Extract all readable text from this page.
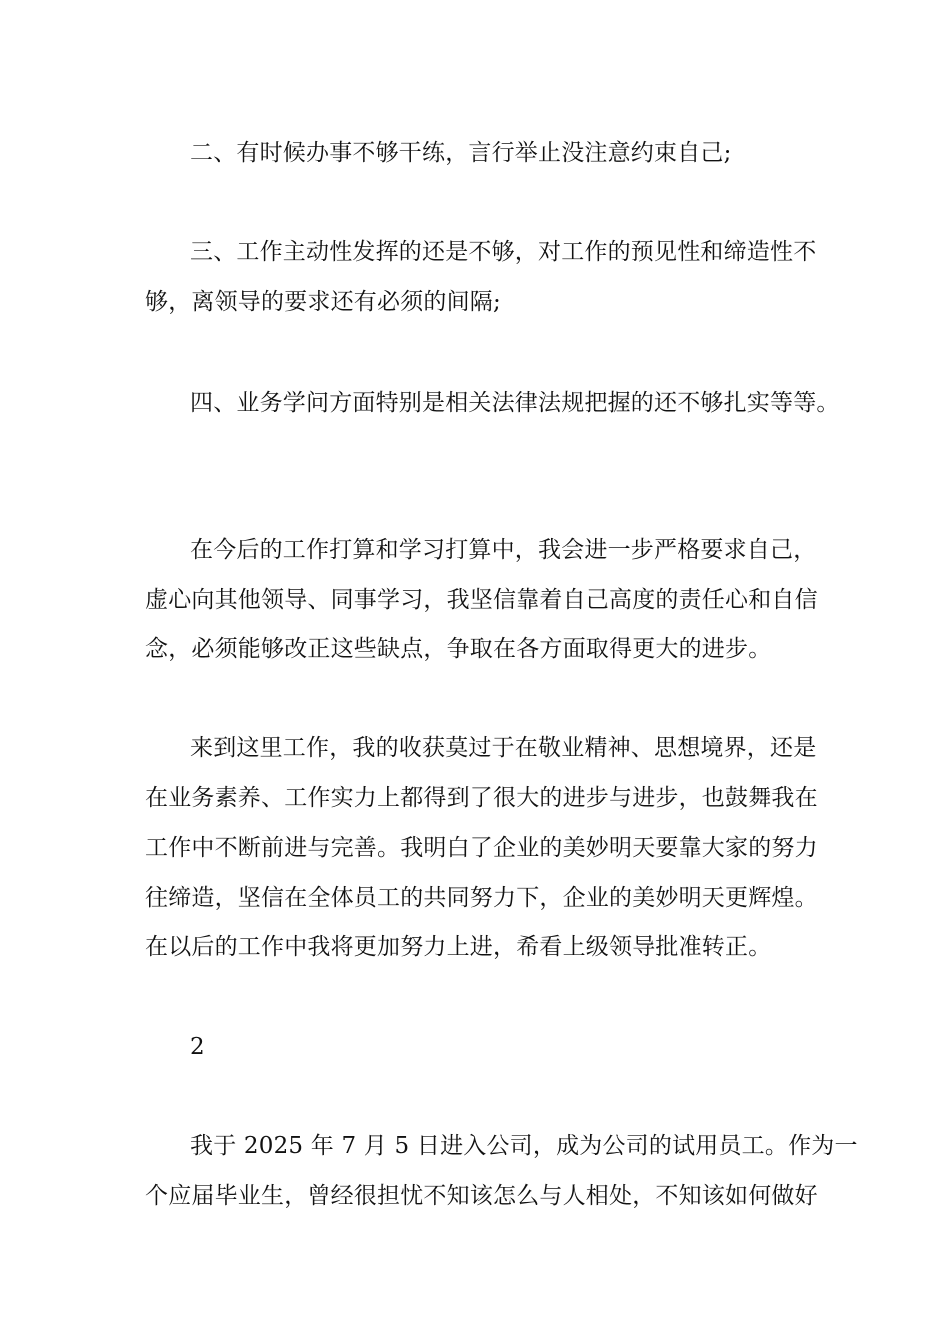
二、有时候办事不够干练，言行举止没注意约束自己;
三、工作主动性发挥的还是不够，对工作的预见性和缔造性不
够，离领导的要求还有必须的间隔;
四、业务学问方面特别是相关法律法规把握的还不够扎实等等。
在今后的工作打算和学习打算中，我会进一步严格要求自己，
虚心向其他领导、同事学习，我坚信靠着自己高度的责任心和自信
念，必须能够改正这些缺点，争取在各方面取得更大的进步。
来到这里工作，我的收获莫过于在敬业精神、思想境界，还是
在业务素养、工作实力上都得到了很大的进步与进步，也鼓舞我在
工作中不断前进与完善。我明白了企业的美妙明天要靠大家的努力
往缔造，坚信在全体员工的共同努力下，企业的美妙明天更辉煌。
在以后的工作中我将更加努力上进，希看上级领导批准转正。
2
我于 2025 年 7 月 5 日进入公司，成为公司的试用员工。作为一
个应届毕业生，曾经很担忧不知该怎么与人相处，不知该如何做好
